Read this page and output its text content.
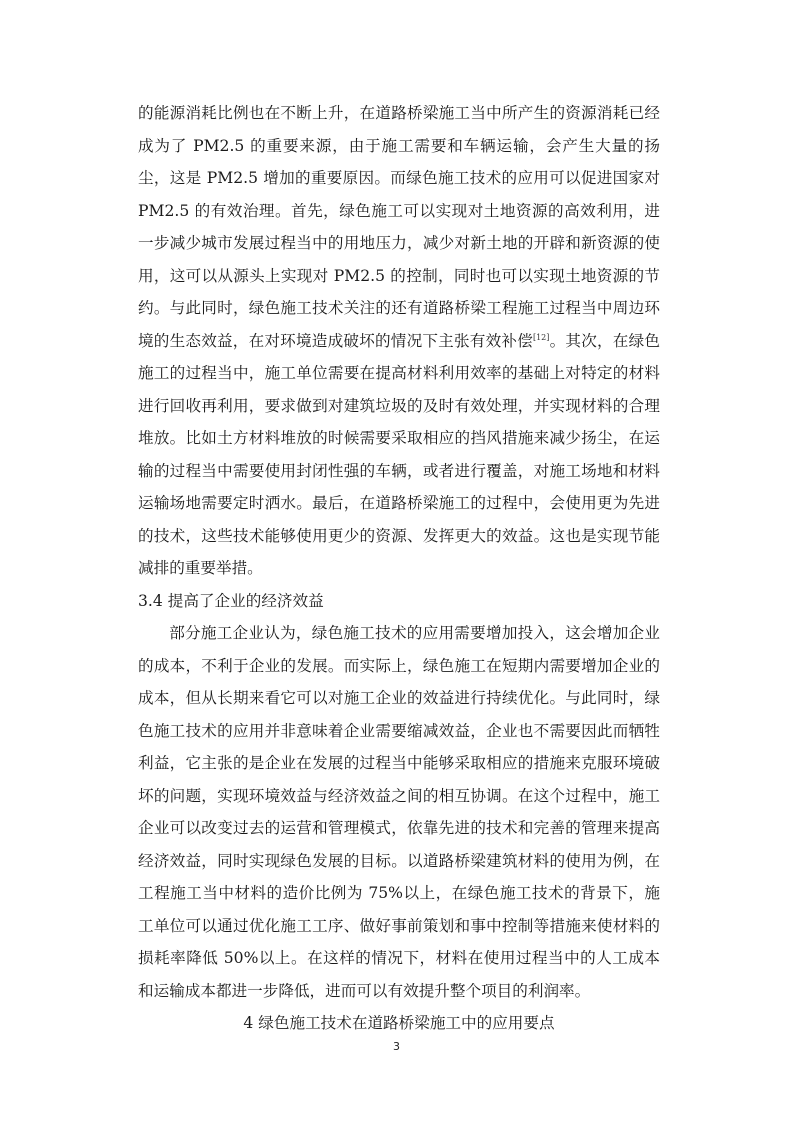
的能源消耗比例也在不断上升，在道路桥梁施工当中所产生的资源消耗已经成为了 PM2.5 的重要来源，由于施工需要和车辆运输，会产生大量的扬尘，这是 PM2.5 增加的重要原因。而绿色施工技术的应用可以促进国家对 PM2.5 的有效治理。首先，绿色施工可以实现对土地资源的高效利用，进一步减少城市发展过程当中的用地压力，减少对新土地的开辟和新资源的使用，这可以从源头上实现对 PM2.5 的控制，同时也可以实现土地资源的节约。与此同时，绿色施工技术关注的还有道路桥梁工程施工过程当中周边环境的生态效益，在对环境造成破坏的情况下主张有效补偿[12]。其次，在绿色施工的过程当中，施工单位需要在提高材料利用效率的基础上对特定的材料进行回收再利用，要求做到对建筑垃圾的及时有效处理，并实现材料的合理堆放。比如土方材料堆放的时候需要采取相应的挡风措施来减少扬尘，在运输的过程当中需要使用封闭性强的车辆，或者进行覆盖，对施工场地和材料运输场地需要定时洒水。最后，在道路桥梁施工的过程中，会使用更为先进的技术，这些技术能够使用更少的资源、发挥更大的效益。这也是实现节能减排的重要举措。

3.4 提高了企业的经济效益

部分施工企业认为，绿色施工技术的应用需要增加投入，这会增加企业的成本，不利于企业的发展。而实际上，绿色施工在短期内需要增加企业的成本，但从长期来看它可以对施工企业的效益进行持续优化。与此同时，绿色施工技术的应用并非意味着企业需要缩减效益，企业也不需要因此而牺牲利益，它主张的是企业在发展的过程当中能够采取相应的措施来克服环境破坏的问题，实现环境效益与经济效益之间的相互协调。在这个过程中，施工企业可以改变过去的运营和管理模式，依靠先进的技术和完善的管理来提高经济效益，同时实现绿色发展的目标。以道路桥梁建筑材料的使用为例，在工程施工当中材料的造价比例为 75%以上，在绿色施工技术的背景下，施工单位可以通过优化施工工序、做好事前策划和事中控制等措施来使材料的损耗率降低 50%以上。在这样的情况下，材料在使用过程当中的人工成本和运输成本都进一步降低，进而可以有效提升整个项目的利润率。

4 绿色施工技术在道路桥梁施工中的应用要点

3
